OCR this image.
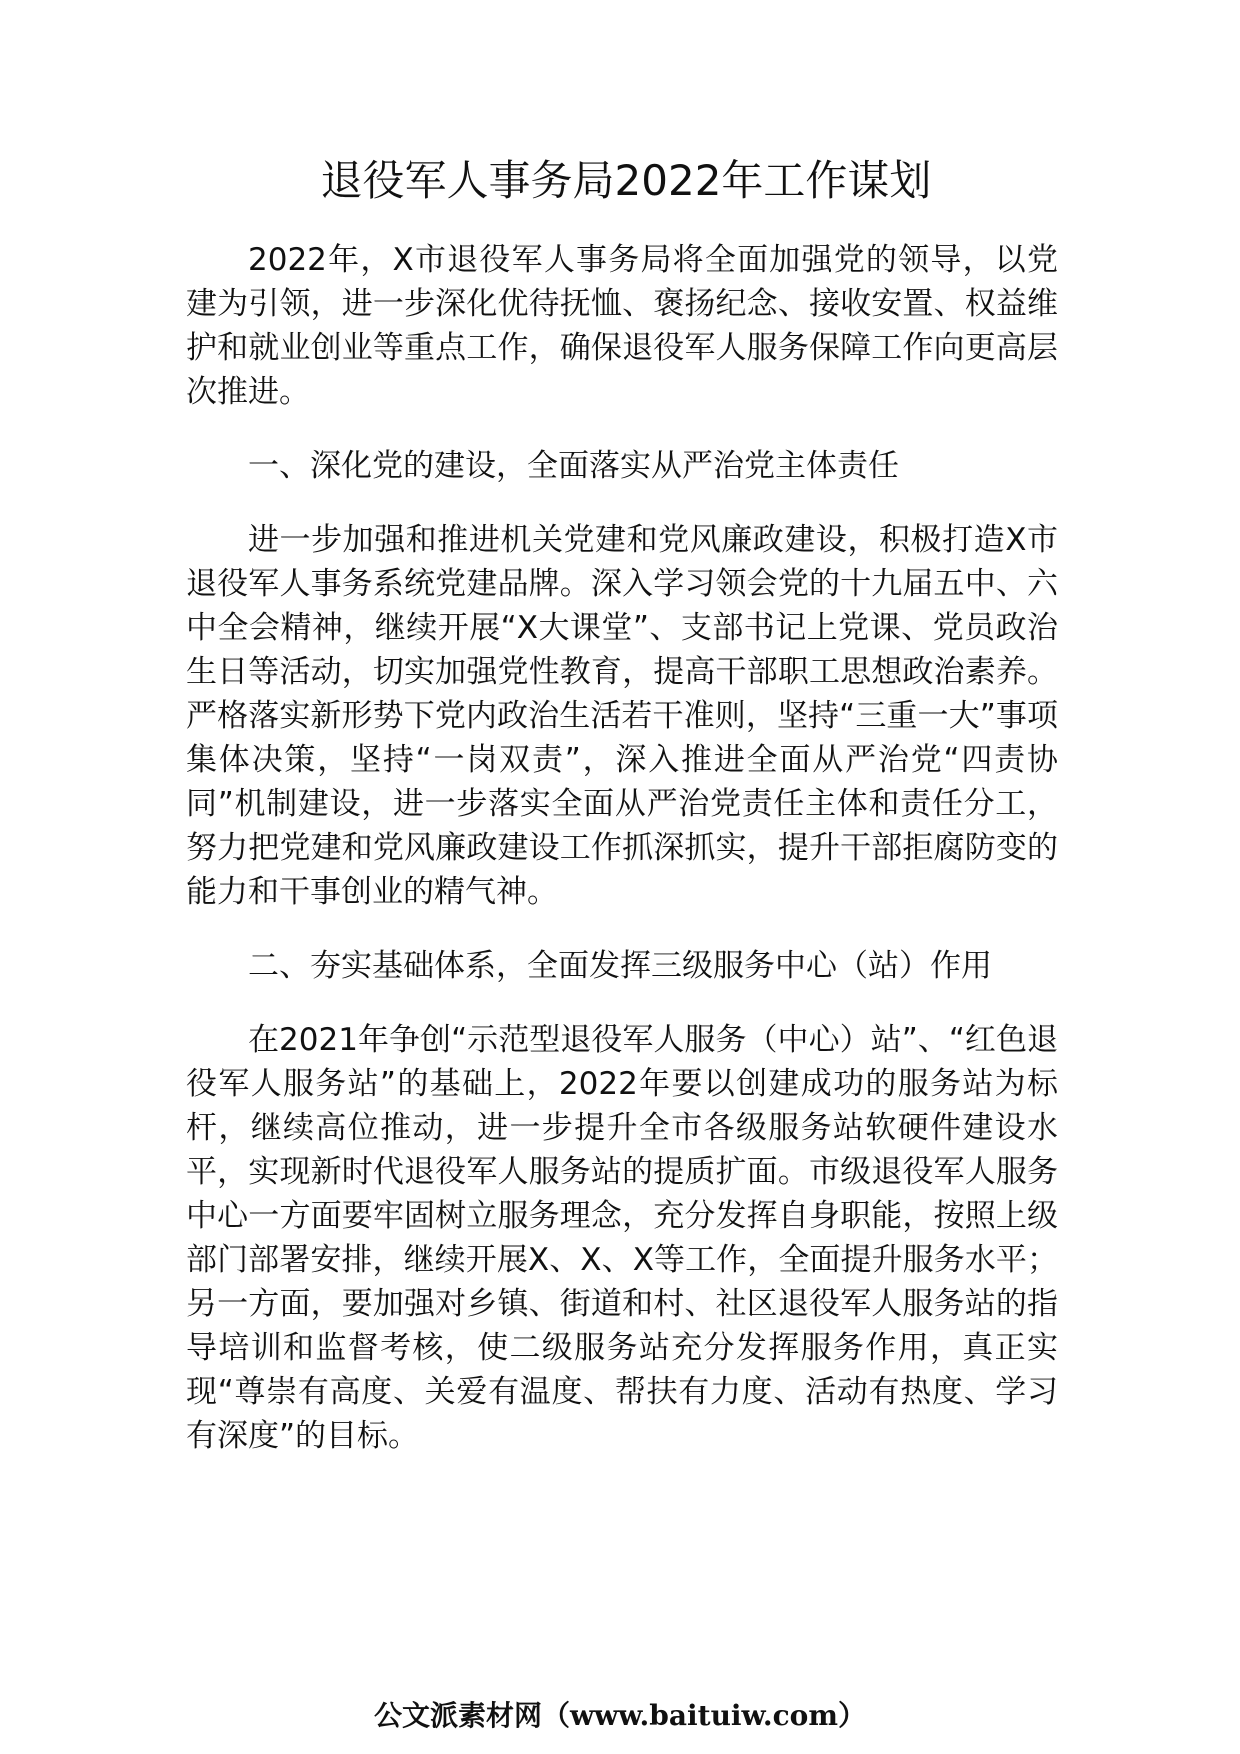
退役军人事务局2022年工作谋划

2022年，X市退役军人事务局将全面加强党的领导，以党建为引领，进一步深化优待抚恤、褒扬纪念、接收安置、权益维护和就业创业等重点工作，确保退役军人服务保障工作向更高层次推进。

一、深化党的建设，全面落实从严治党主体责任

进一步加强和推进机关党建和党风廉政建设，积极打造X市退役军人事务系统党建品牌。深入学习领会党的十九届五中、六中全会精神，继续开展“X大课堂”、支部书记上党课、党员政治生日等活动，切实加强党性教育，提高干部职工思想政治素养。严格落实新形势下党内政治生活若干准则，坚持“三重一大”事项集体决策，坚持“一岗双责”，深入推进全面从严治党“四责协同”机制建设，进一步落实全面从严治党责任主体和责任分工，努力把党建和党风廉政建设工作抓深抓实，提升干部拒腐防变的能力和干事创业的精气神。

二、夯实基础体系，全面发挥三级服务中心（站）作用

在2021年争创“示范型退役军人服务（中心）站”、“红色退役军人服务站”的基础上，2022年要以创建成功的服务站为标杆，继续高位推动，进一步提升全市各级服务站软硬件建设水平，实现新时代退役军人服务站的提质扩面。市级退役军人服务中心一方面要牢固树立服务理念，充分发挥自身职能，按照上级部门部署安排，继续开展X、X、X等工作，全面提升服务水平；另一方面，要加强对乡镇、街道和村、社区退役军人服务站的指导培训和监督考核，使二级服务站充分发挥服务作用，真正实现“尊崇有高度、关爱有温度、帮扶有力度、活动有热度、学习有深度”的目标。

公文派素材网（www.baituiw.com）
